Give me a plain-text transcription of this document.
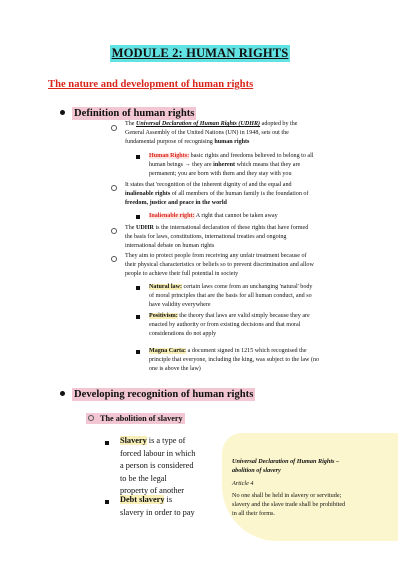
MODULE 2: HUMAN RIGHTS
The nature and development of human rights
Definition of human rights
The Universal Declaration of Human Rights (UDHR) adopted by the
General Assembly of the United Nations (UN) in 1948, sets out the
fundamental purpose of recognising human rights
Human Rights: basic rights and freedoms believed to belong to all
human beings → they are inherent which means that they are
permanent; you are born with them and they stay with you
It states that 'recognition of the inherent dignity of and the equal and
inalienable rights of all members of the human family is the foundation of
freedom, justice and peace in the world
Inalienable right: A right that cannot be taken away
The UDHR is the international declaration of these rights that have formed
the basis for laws, constitutions, international treaties and ongoing
international debate on human rights
They aim to protect people from receiving any unfair treatment because of
their physical characteristics or beliefs so to prevent discrimination and allow
people to achieve their full potential in society
Natural law: certain laws come from an unchanging 'natural' body
of moral principles that are the basis for all human conduct, and so
have validity everywhere
Positivism: the theory that laws are valid simply because they are
enacted by authority or from existing decisions and that moral
considerations do not apply
Magna Carta: a document signed in 1215 which recognised the
principle that everyone, including the king, was subject to the law (no
one is above the law)
Developing recognition of human rights
The abolition of slavery
Slavery is a type of
forced labour in which
a person is considered
to be the legal
property of another
Debt slavery is
slavery in order to pay
Universal Declaration of Human Rights –
abolition of slavery
Article 4
No one shall be held in slavery or servitude;
slavery and the slave trade shall be prohibited
in all their forms.
